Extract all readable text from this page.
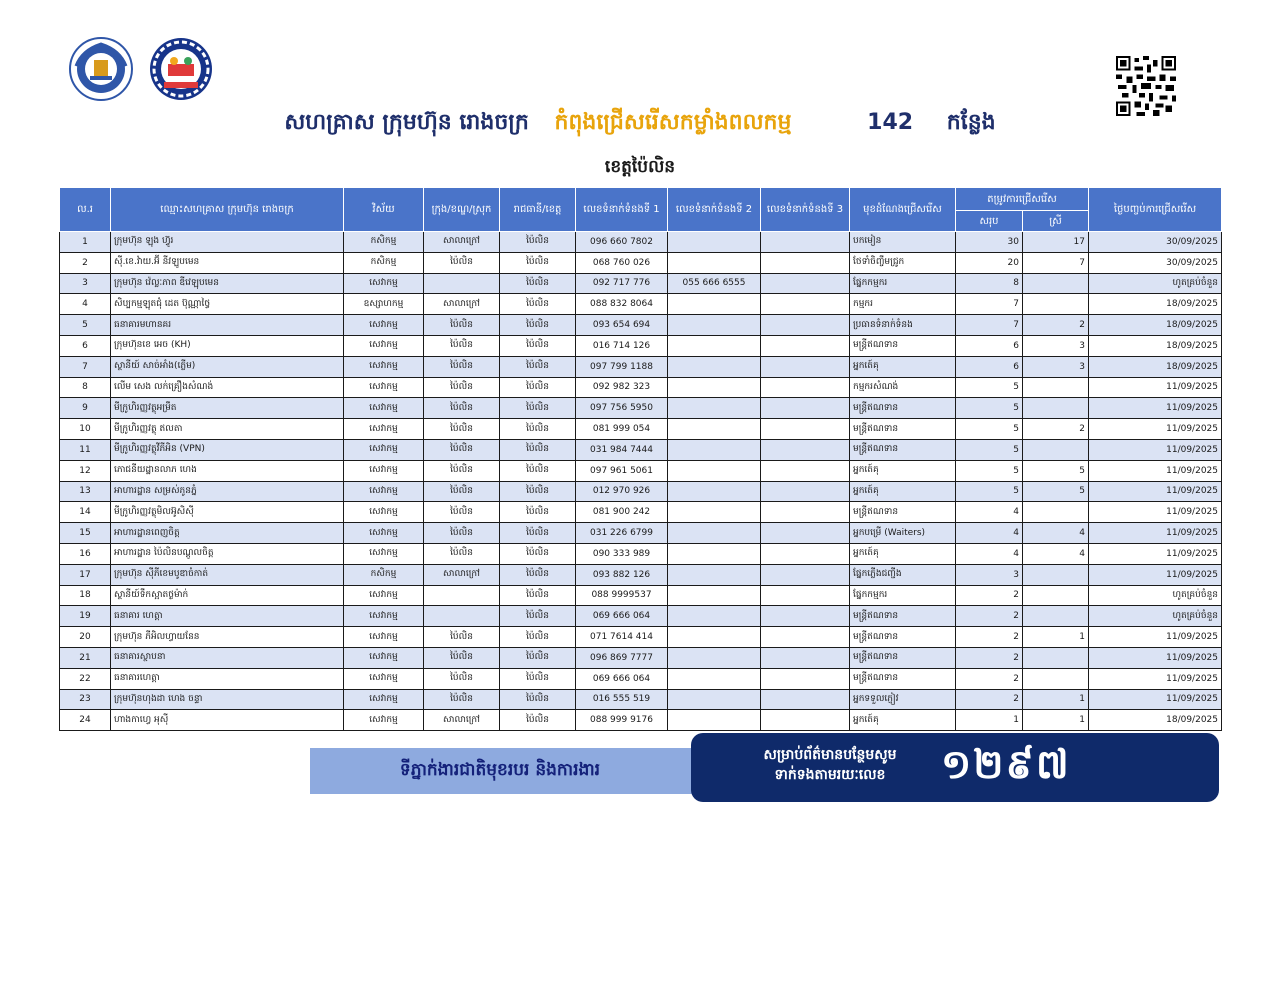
សហគ្រាស ក្រុមហ៊ុន រោងចក្រ កំពុងជ្រើសរើសកម្លាំងពលកម្ម	142 កន្លែង
ខេត្តប៉ៃលិន
ល.រ	ឈ្មោះសហគ្រាស ក្រុមហ៊ុន រោងចក្រ	វិស័យ	ក្រុង/ខណ្ឌ/ស្រុក	រាជធានី/ខេត្ត	លេខទំនាក់ទំនងទី 1	លេខទំនាក់ទំនងទី 2	លេខទំនាក់ទំនងទី 3	មុខដំណែងជ្រើសរើស	តម្រូវការជ្រើសរើស		ថ្ងៃបញ្ចប់ការជ្រើសរើស
									សរុប	ស្រី	
1	ក្រុមហ៊ុន ឡុង ហ៊្វូរ	កសិកម្ម	សាលាក្រៅ	ប៉ៃលិន	096 660 7802			បកមៀន	30	17	30/09/2025
2	ស៊ី.ខេ.វ៉ាយ.អ៊ី នីវឡូបមេន	កសិកម្ម	ប៉ៃលិន	ប៉ៃលិន	068 760 026			ថែទាំចិញ្ចឹមជ្រូក	20	7	30/09/2025
3	ក្រុមហ៊ុន វ៉េល្លៈភាព ឌីវេឡុបមេន	សេវាកម្ម		ប៉ៃលិន	092 717 776	055 666 6555		ផ្នែកកម្មករ	8		ហូតគ្រប់ចំនួន
4	សិប្បកម្មឡុតជុំ ដេត ប៊ុណ្ណាថ្វៃ	ឧស្សាហកម្ម	សាលាក្រៅ	ប៉ៃលិន	088 832 8064			កម្មករ	7		18/09/2025
5	ធនាគារមហានគរ	សេវាកម្ម	ប៉ៃលិន	ប៉ៃលិន	093 654 694			ប្រធានទំនាក់ទំនង	7	2	18/09/2025
6	ក្រុមហ៊ុនខេ អេច (KH)	សេវាកម្ម	ប៉ៃលិន	ប៉ៃលិន	016 714 126			មន្ត្រីឥណទាន	6	3	18/09/2025
7	ស្ថានីយ៍ សាច់អាំង(ភ្លើម)	សេវាកម្ម	ប៉ៃលិន	ប៉ៃលិន	097 799 1188			អ្នកតេ៍គុ	6	3	18/09/2025
8	លើម សេង លក់គ្រឿងសំណង់	សេវាកម្ម	ប៉ៃលិន	ប៉ៃលិន	092 982 323			កម្មករសំណង់	5		11/09/2025
9	មីក្រូហិរញ្ញវត្ថុអម្រឹត	សេវាកម្ម	ប៉ៃលិន	ប៉ៃលិន	097 756 5950			មន្ត្រីឥណទាន	5		11/09/2025
10	មីក្រូហិរញ្ញវត្ថុ ឥលតា	សេវាកម្ម	ប៉ៃលិន	ប៉ៃលិន	081 999 054			មន្ត្រីឥណទាន	5	2	11/09/2025
11	មីក្រូហិរញ្ញវត្ថុវីភីអិន (VPN)	សេវាកម្ម	ប៉ៃលិន	ប៉ៃលិន	031 984 7444			មន្ត្រីឥណទាន	5		11/09/2025
12	ភោជនីយដ្ឋានលាភ ហេង	សេវាកម្ម	ប៉ៃលិន	ប៉ៃលិន	097 961 5061			អ្នកតេ៍គុ	5	5	11/09/2025
13	អាហារដ្ឋាន សម្រស់ភូនភ្នំ	សេវាកម្ម	ប៉ៃលិន	ប៉ៃលិន	012 970 926			អ្នកតេ៍គុ	5	5	11/09/2025
14	មីក្រូហិរញ្ញវត្ថុមិលអ៊ូសិស៊ី	សេវាកម្ម	ប៉ៃលិន	ប៉ៃលិន	081 900 242			មន្ត្រីឥណទាន	4		11/09/2025
15	អាហារដ្ឋានពេញចិត្ត	សេវាកម្ម	ប៉ៃលិន	ប៉ៃលិន	031 226 6799			អ្នកបម្រើ (Waiters)	4	4	11/09/2025
16	អាហារដ្ឋាន ប៉ៃលិនបណ្ដូលចិត្ត	សេវាកម្ម	ប៉ៃលិន	ប៉ៃលិន	090 333 989			អ្នកតេ៍គុ	4	4	11/09/2025
17	ក្រុមហ៊ុន ស៊ីភីខេមបូឌាចំកាត់	កសិកម្ម	សាលាក្រៅ	ប៉ៃលិន	093 882 126			ផ្នែកភ្លើងជញ្ជីង	3		11/09/2025
18	ស្ថានីយ៍ទឹកស្អាតថ្ងម៉ាក់	សេវាកម្ម		ប៉ៃលិន	088 9999537			ផ្នែកកម្មករ	2		ហូតគ្រប់ចំនួន
19	ធនាគារ ហេត្តា	សេវាកម្ម		ប៉ៃលិន	069 666 064			មន្ត្រីឥណទាន	2		ហូតគ្រប់ចំនួន
20	ក្រុមហ៊ុន ភីអិលហ្វាយនែន	សេវាកម្ម	ប៉ៃលិន	ប៉ៃលិន	071 7614 414			មន្ត្រីឥណទាន	2	1	11/09/2025
21	ធនាគារស្ថាបនា	សេវាកម្ម	ប៉ៃលិន	ប៉ៃលិន	096 869 7777			មន្ត្រីឥណទាន	2		11/09/2025
22	ធនាគារហេត្តា	សេវាកម្ម	ប៉ៃលិន	ប៉ៃលិន	069 666 064			មន្ត្រីឥណទាន	2		11/09/2025
23	ក្រុមហ៊ុនហុងដា ហេង ចន្ទា	សេវាកម្ម	ប៉ៃលិន	ប៉ៃលិន	016 555 519			អ្នកទទួលភ្ញៀវ	2	1	11/09/2025
24	ហាងកាហ្វេ អុស៊ី	សេវាកម្ម	សាលាក្រៅ	ប៉ៃលិន	088 999 9176			អ្នកតេ៍គុ	1	1	18/09/2025
ទីភ្នាក់ងារជាតិមុខរបរ និងការងារ
សម្រាប់ព័ត៌មានបន្ថែមសូម
ទាក់ទងតាមរយៈលេខ	១២៩៧
